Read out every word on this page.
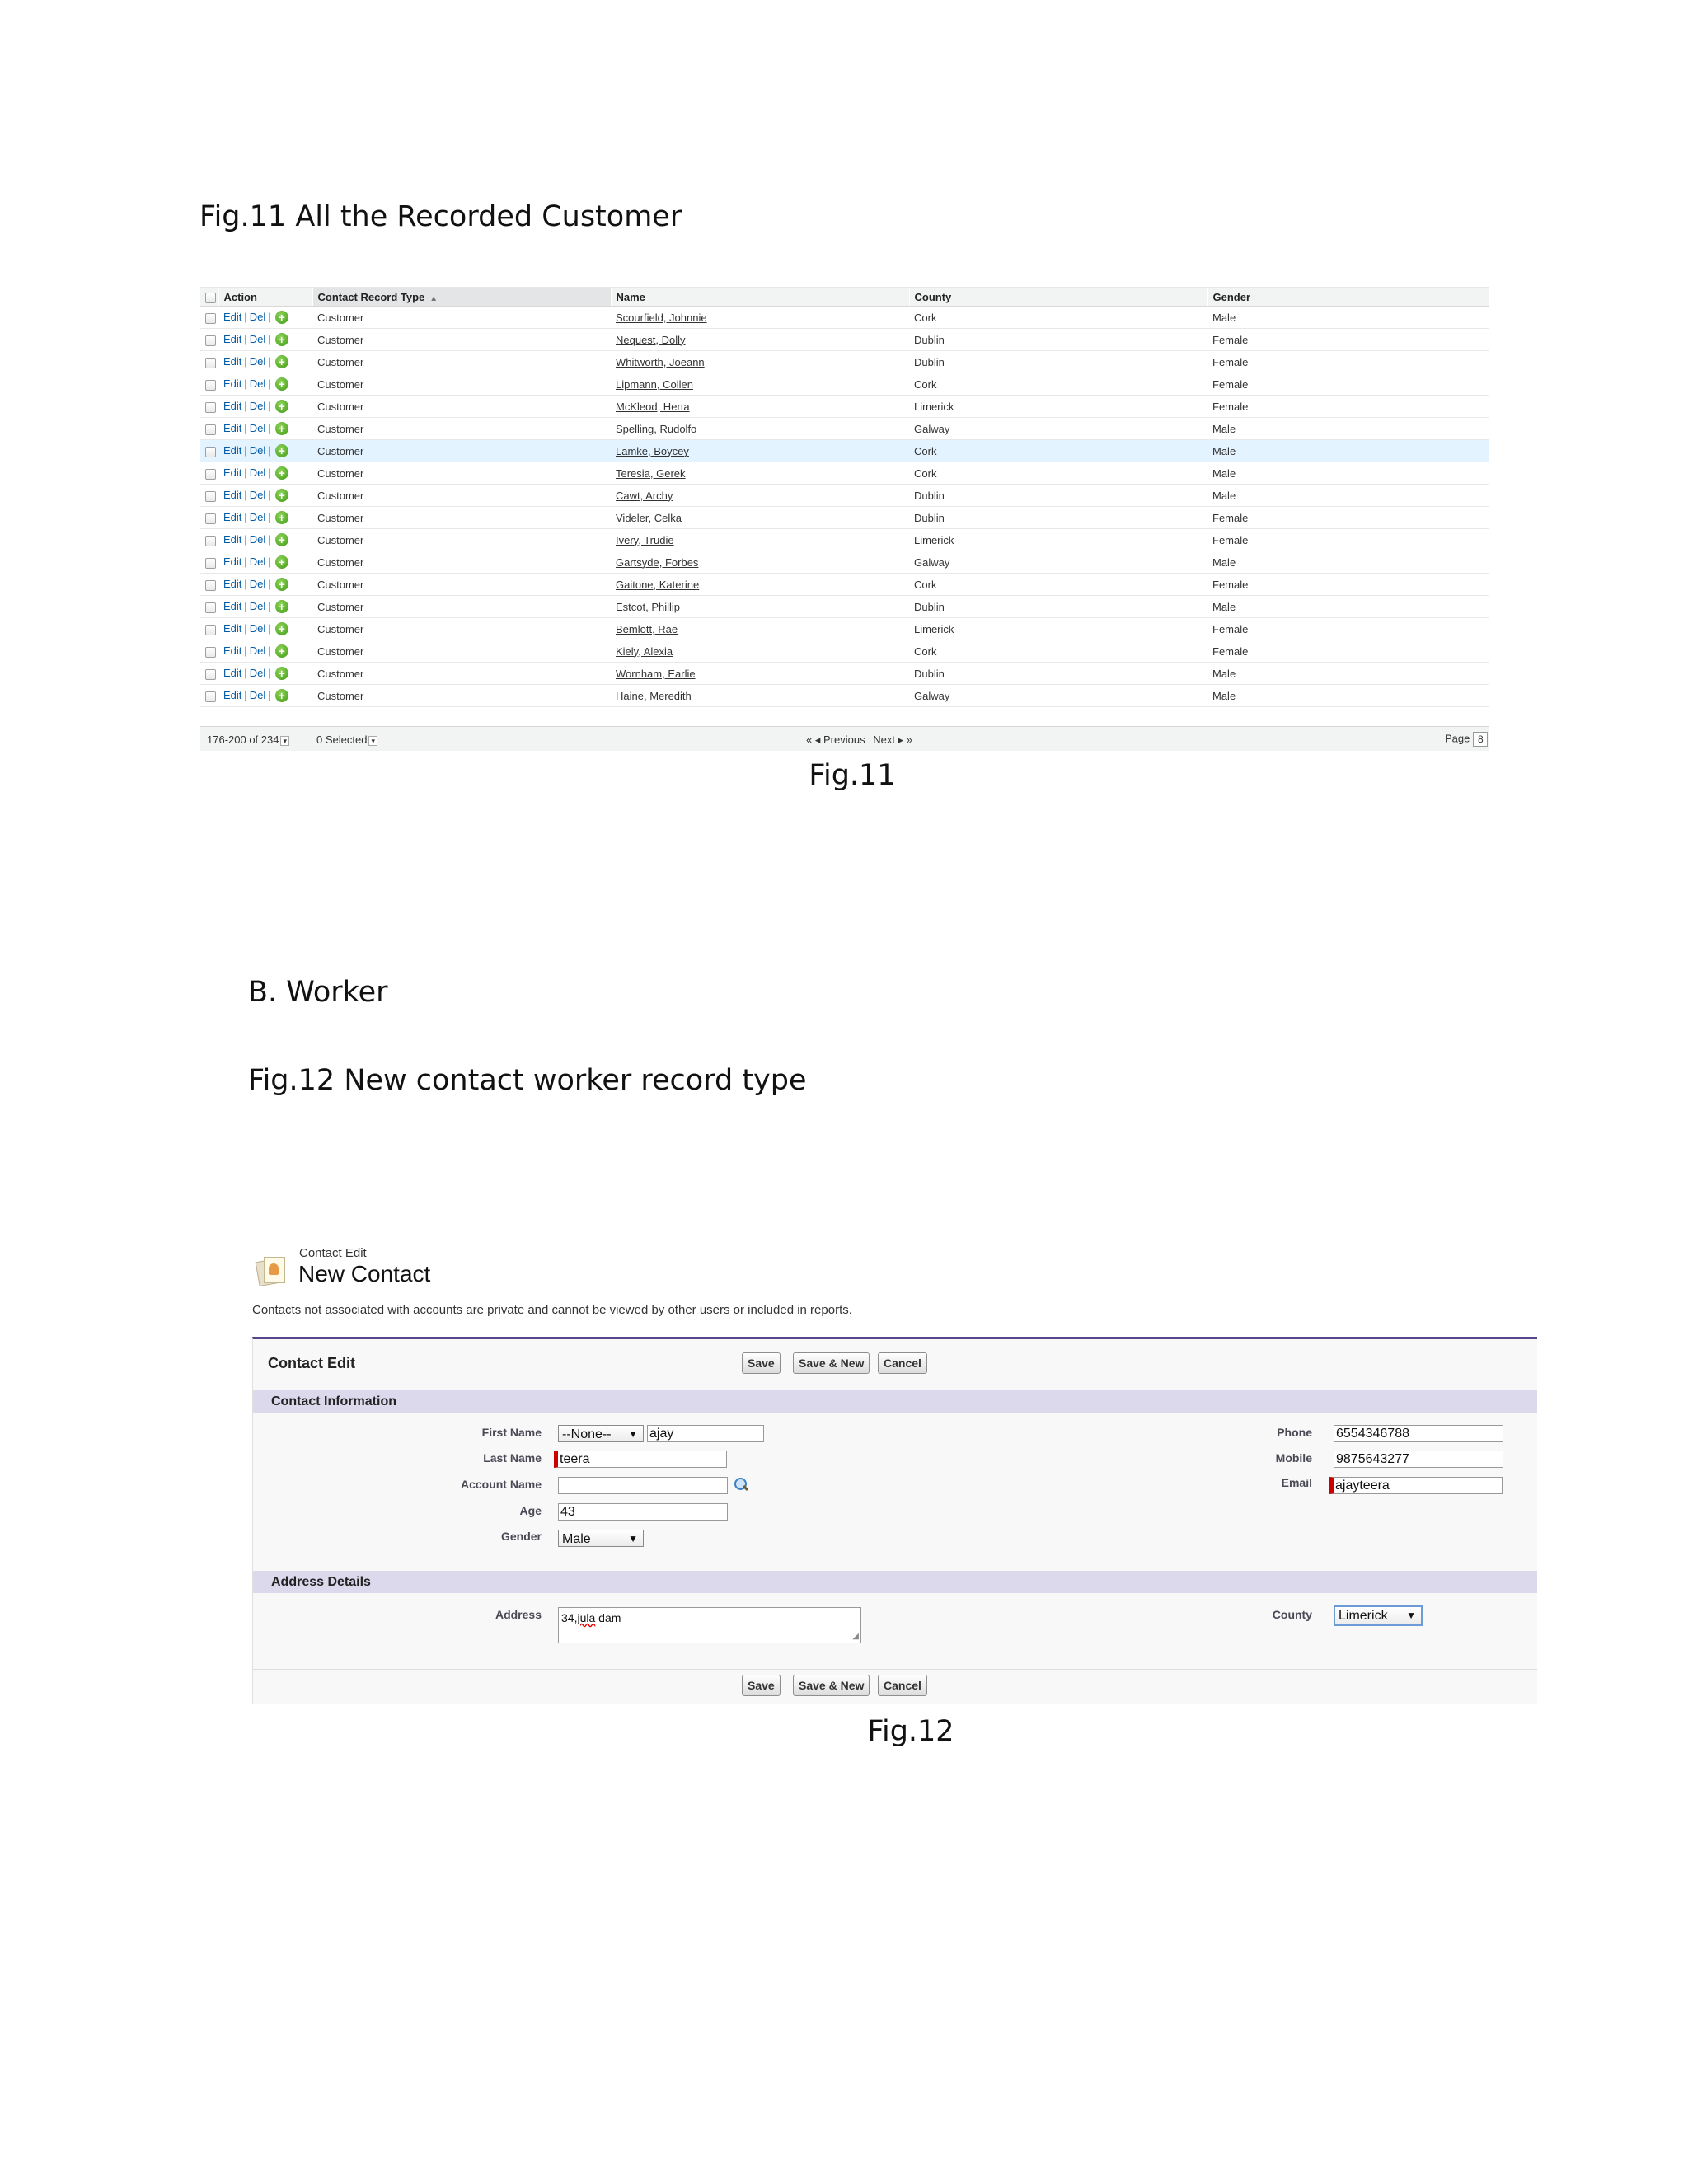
Fig.11 All the Recorded Customer
	Action	Contact Record Type ▲	Name	County	Gender
	Edit | Del | +	Customer	Scourfield, Johnnie	Cork	Male
	Edit | Del | +	Customer	Nequest, Dolly	Dublin	Female
	Edit | Del | +	Customer	Whitworth, Joeann	Dublin	Female
	Edit | Del | +	Customer	Lipmann, Collen	Cork	Female
	Edit | Del | +	Customer	McKleod, Herta	Limerick	Female
	Edit | Del | +	Customer	Spelling, Rudolfo	Galway	Male
	Edit | Del | +	Customer	Lamke, Boycey	Cork	Male
	Edit | Del | +	Customer	Teresia, Gerek	Cork	Male
	Edit | Del | +	Customer	Cawt, Archy	Dublin	Male
	Edit | Del | +	Customer	Videler, Celka	Dublin	Female
	Edit | Del | +	Customer	Ivery, Trudie	Limerick	Female
	Edit | Del | +	Customer	Gartsyde, Forbes	Galway	Male
	Edit | Del | +	Customer	Gaitone, Katerine	Cork	Female
	Edit | Del | +	Customer	Estcot, Phillip	Dublin	Male
	Edit | Del | +	Customer	Bemlott, Rae	Limerick	Female
	Edit | Del | +	Customer	Kiely, Alexia	Cork	Female
	Edit | Del | +	Customer	Wornham, Earlie	Dublin	Male
	Edit | Del | +	Customer	Haine, Meredith	Galway	Male
176-200 of 234 ▾	0 Selected ▾	« ◂ Previous Next ▸ »	Page 8
Fig.11
B. Worker
Fig.12 New contact worker record type
Contact Edit
New Contact
Contacts not associated with accounts are private and cannot be viewed by other users or included in reports.
Contact Edit	Save	Save & New	Cancel
Contact Information
First Name	--None-- ▼ ajay
Last Name	teera
Account Name
Age 43
Gender	Male	▼
Phone 6554346788
Mobile 9875643277
Email	ajayteera
Address Details
Address 34,jula dam
◢
County	Limerick ▼
Save	Save & New	Cancel
Fig.12
